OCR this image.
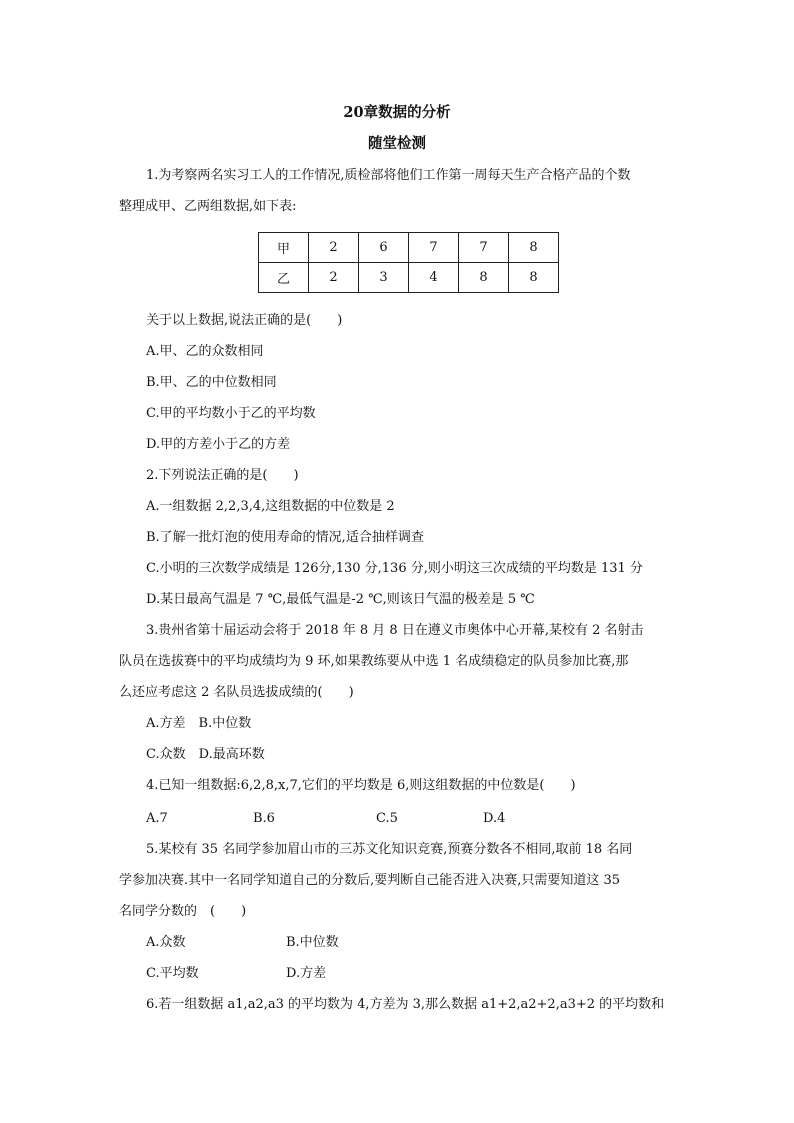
20章数据的分析
随堂检测
1.为考察两名实习工人的工作情况,质检部将他们工作第一周每天生产合格产品的个数
整理成甲、乙两组数据,如下表:
甲	2	6	7	7	8
乙	2	3	4	8	8
关于以上数据,说法正确的是(　　)
A.甲、乙的众数相同
B.甲、乙的中位数相同
C.甲的平均数小于乙的平均数
D.甲的方差小于乙的方差
2.下列说法正确的是(　　)
A.一组数据 2,2,3,4,这组数据的中位数是 2
B.了解一批灯泡的使用寿命的情况,适合抽样调查
C.小明的三次数学成绩是 126分,130 分,136 分,则小明这三次成绩的平均数是 131 分
D.某日最高气温是 7 ℃,最低气温是-2 ℃,则该日气温的极差是 5 ℃
3.贵州省第十届运动会将于 2018 年 8 月 8 日在遵义市奥体中心开幕,某校有 2 名射击
队员在选拔赛中的平均成绩均为 9 环,如果教练要从中选 1 名成绩稳定的队员参加比赛,那
么还应考虑这 2 名队员选拔成绩的(　　)
A.方差　B.中位数
C.众数　D.最高环数
4.已知一组数据:6,2,8,x,7,它们的平均数是 6,则这组数据的中位数是(　　)
A.7	B.6	C.5	D.4
5.某校有 35 名同学参加眉山市的三苏文化知识竞赛,预赛分数各不相同,取前 18 名同
学参加决赛.其中一名同学知道自己的分数后,要判断自己能否进入决赛,只需要知道这 35
名同学分数的　(　　)
A.众数	B.中位数
C.平均数	D.方差
6.若一组数据 a1,a2,a3 的平均数为 4,方差为 3,那么数据 a1+2,a2+2,a3+2 的平均数和
